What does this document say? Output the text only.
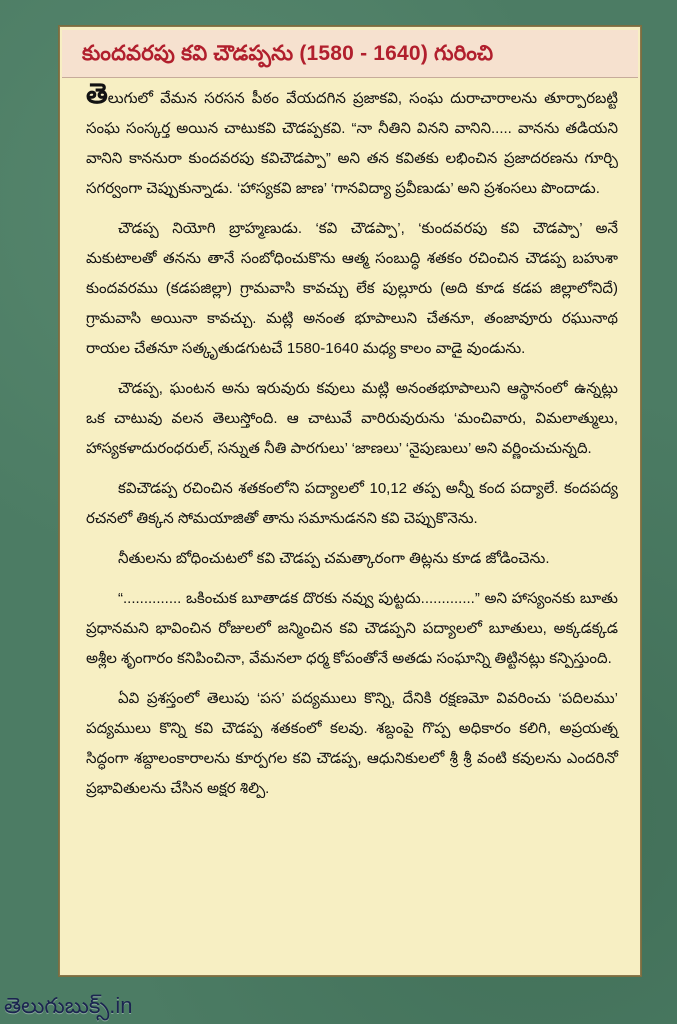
కుందవరపు కవి చౌడప్పను (1580 - 1640) గురించి

తెలుగులో వేమన సరసన పీఠం వేయదగిన ప్రజాకవి, సంఘ దురాచారాలను తూర్పారబట్టి సంఘ సంస్కర్త అయిన చాటుకవి చౌడప్పకవి. “నా నీతిని వినని వానిని..... వానను తడియని వానిని కాననురా కుందవరపు కవిచౌడప్పా” అని తన కవితకు లభించిన ప్రజాదరణను గూర్చి సగర్వంగా చెప్పుకున్నాడు. ‘హాస్యకవి జాణ’ ‘గానవిద్యా ప్రవీణుడు’ అని ప్రశంసలు పొందాడు.

చౌడప్ప నియోగి బ్రాహ్మణుడు. ‘కవి చౌడప్పా’, ‘కుందవరపు కవి చౌడప్పా’ అనే మకుటాలతో తనను తానే సంబోధించుకొను ఆత్మ సంబుద్ధి శతకం రచించిన చౌడప్ప బహుశా కుందవరము (కడపజిల్లా) గ్రామవాసి కావచ్చు లేక పుల్లూరు (అది కూడ కడప జిల్లాలోనిదే) గ్రామవాసి అయినా కావచ్చు. మట్లి అనంత భూపాలుని చేతనూ, తంజావూరు రఘునాథ రాయల చేతనూ సత్కృతుడగుటచే 1580-1640 మధ్య కాలం వాడై వుండును.

చౌడప్ప, ఘంటన అను ఇరువురు కవులు మట్లి అనంతభూపాలుని ఆస్థానంలో ఉన్నట్లు ఒక చాటువు వలన తెలుస్తోంది. ఆ చాటువే వారిరువురును ‘మంచివారు, విమలాత్ములు, హాస్యకళాదురంధరుల్, సన్నుత నీతి పారగులు’ ‘జాణలు’ ‘నైపుణులు’ అని వర్ణించుచున్నది.

కవిచౌడప్ప రచించిన శతకంలోని పద్యాలలో 10,12 తప్ప అన్నీ కంద పద్యాలే. కందపద్య రచనలో తిక్కన సోమయాజితో తాను సమానుడనని కవి చెప్పుకొనెను.

నీతులను బోధించుటలో కవి చౌడప్ప చమత్కారంగా తిట్లను కూడ జోడించెను.

“.............. ఒకించుక బూతాడక దొరకు నవ్వు పుట్టదు.............” అని హాస్యంనకు బూతు ప్రధానమని భావించిన రోజులలో జన్మించిన కవి చౌడప్పని పద్యాలలో బూతులు, అక్కడక్కడ అశ్లీల శృంగారం కనిపించినా, వేమనలా ధర్మ కోపంతోనే అతడు సంఘాన్ని తిట్టినట్లు కన్పిస్తుంది.

ఏవి ప్రశస్తంలో తెలుపు ‘పస’ పద్యములు కొన్ని, దేనికి రక్షణమో వివరించు ‘పదిలము’ పద్యములు కొన్ని కవి చౌడప్ప శతకంలో కలవు. శబ్దంపై గొప్ప అధికారం కలిగి, అప్రయత్న సిద్ధంగా శబ్దాలంకారాలను కూర్పగల కవి చౌడప్ప, ఆధునికులలో శ్రీ శ్రీ వంటి కవులను ఎందరినో ప్రభావితులను చేసిన అక్షర శిల్పి.

తెలుగుబుక్స్.in
